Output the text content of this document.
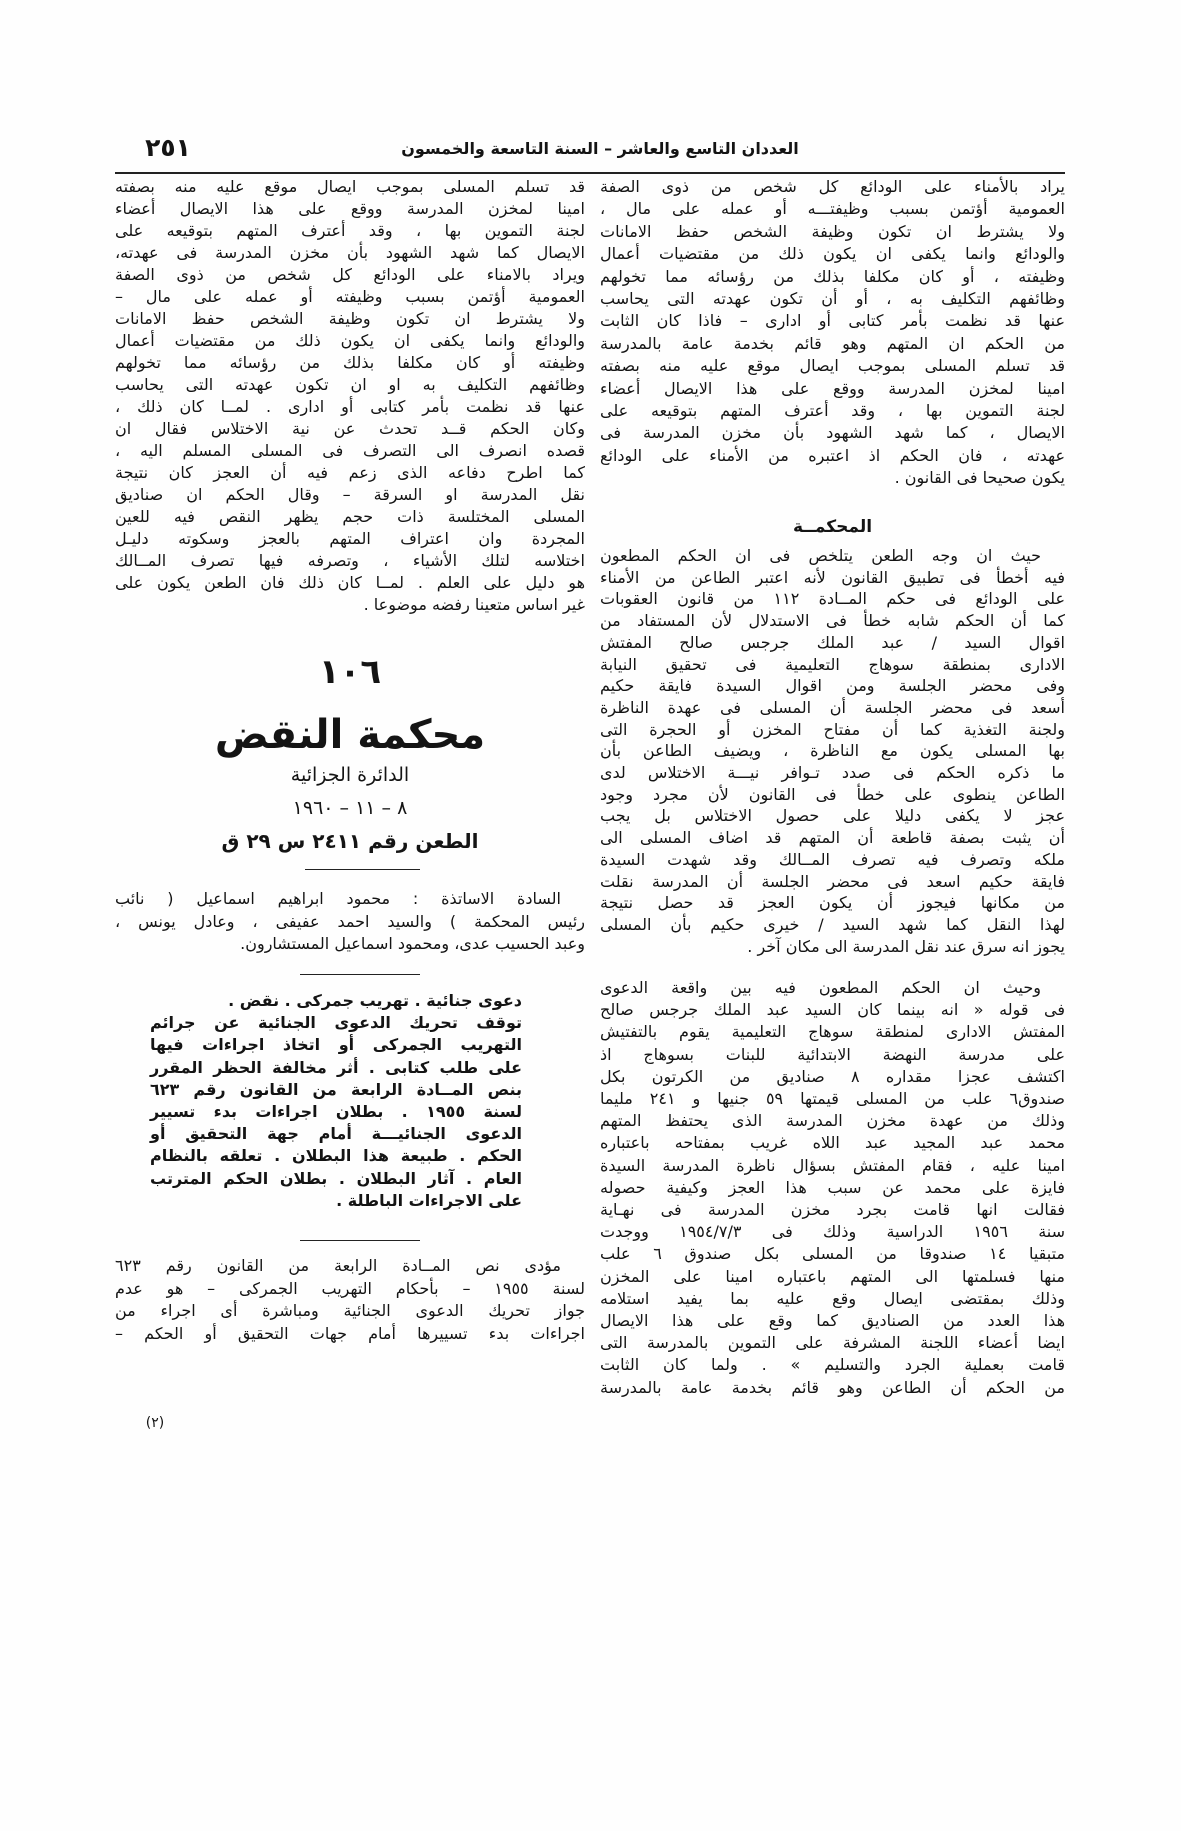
العددان التاسع والعاشر – السنة التاسعة والخمسون
٢٥١
يراد بالأمناء على الودائع كل شخص من ذوى الصفة
العمومية أؤتمن بسبب وظيفتـــه أو عمله على مال ،
ولا يشترط ان تكون وظيفة الشخص حفظ الامانات
والودائع وانما يكفى ان يكون ذلك من مقتضيات أعمال
وظيفته ، أو كان مكلفا بذلك من رؤسائه مما تخولهم
وظائفهم التكليف به ، أو أن تكون عهدته التى يحاسب
عنها قد نظمت بأمر كتابى أو ادارى – فاذا كان الثابت
من الحكم ان المتهم وهو قائم بخدمة عامة بالمدرسة
قد تسلم المسلى بموجب ايصال موقع عليه منه بصفته
امينا لمخزن المدرسة ووقع على هذا الايصال أعضاء
لجنة التموين بها ، وقد أعترف المتهم بتوقيعه على
الايصال ، كما شهد الشهود بأن مخزن المدرسة فى
عهدته ، فان الحكم اذ اعتبره من الأمناء على الودائع
يكون صحيحا فى القانون .
المحكمــة
حيث ان وجه الطعن يتلخص فى ان الحكم المطعون
فيه أخطأ فى تطبيق القانون لأنه اعتبر الطاعن من الأمناء
على الودائع فى حكم المــادة ١١٢ من قانون العقوبات
كما أن الحكم شابه خطأ فى الاستدلال لأن المستفاد من
اقوال السيد / عبد الملك جرجس صالح المفتش
الادارى بمنطقة سوهاج التعليمية فى تحقيق النيابة
وفى محضر الجلسة ومن اقوال السيدة فايقة حكيم
أسعد فى محضر الجلسة أن المسلى فى عهدة الناظرة
ولجنة التغذية كما أن مفتاح المخزن أو الحجرة التى
بها المسلى يكون مع الناظرة ، ويضيف الطاعن بأن
ما ذكره الحكم فى صدد تـوافر نيـــة الاختلاس لدى
الطاعن ينطوى على خطأ فى القانون لأن مجرد وجود
عجز لا يكفى دليلا على حصول الاختلاس بل يجب
أن يثبت بصفة قاطعة أن المتهم قد اضاف المسلى الى
ملكه وتصرف فيه تصرف المــالك وقد شهدت السيدة
فايقة حكيم اسعد فى محضر الجلسة أن المدرسة نقلت
من مكانها فيجوز أن يكون العجز قد حصل نتيجة
لهذا النقل كما شهد السيد / خيرى حكيم بأن المسلى
يجوز انه سرق عند نقل المدرسة الى مكان آخر .
وحيث ان الحكم المطعون فيه بين واقعة الدعوى
فى قوله « انه بينما كان السيد عبد الملك جرجس صالح
المفتش الادارى لمنطقة سوهاج التعليمية يقوم بالتفتيش
على مدرسة النهضة الابتدائية للبنات بسوهاج اذ
اكتشف عجزا مقداره ٨ صناديق من الكرتون بكل
صندوق٦ علب من المسلى قيمتها ٥٩ جنيها و ٢٤١ مليما
وذلك من عهدة مخزن المدرسة الذى يحتفظ المتهم
محمد عبد المجيد عبد اللاه غريب بمفتاحه باعتباره
امينا عليه ، فقام المفتش بسؤال ناظرة المدرسة السيدة
فايزة على محمد عن سبب هذا العجز وكيفية حصوله
فقالت انها قامت بجرد مخزن المدرسة فى نهـاية
سنة ١٩٥٦ الدراسية وذلك فى ١٩٥٤/٧/٣ ووجدت
متبقيا ١٤ صندوقا من المسلى بكل صندوق ٦ علب
منها فسلمتها الى المتهم باعتباره امينا على المخزن
وذلك بمقتضى ايصال وقع عليه بما يفيد استلامه
هذا العدد من الصناديق كما وقع على هذا الايصال
ايضا أعضاء اللجنة المشرفة على التموين بالمدرسة التى
قامت بعملية الجرد والتسليم » . ولما كان الثابت
من الحكم أن الطاعن وهو قائم بخدمة عامة بالمدرسة
قد تسلم المسلى بموجب ايصال موقع عليه منه بصفته
امينا لمخزن المدرسة ووقع على هذا الايصال أعضاء
لجنة التموين بها ، وقد أعترف المتهم بتوقيعه على
الايصال كما شهد الشهود بأن مخزن المدرسة فى عهدته،
ويراد بالامناء على الودائع كل شخص من ذوى الصفة
العمومية أؤتمن بسبب وظيفته أو عمله على مال –
ولا يشترط ان تكون وظيفة الشخص حفظ الامانات
والودائع وانما يكفى ان يكون ذلك من مقتضيات أعمال
وظيفته أو كان مكلفا بذلك من رؤسائه مما تخولهم
وظائفهم التكليف به او ان تكون عهدته التى يحاسب
عنها قد نظمت بأمر كتابى أو ادارى . لمــا كان ذلك ،
وكان الحكم قــد تحدث عن نية الاختلاس فقال ان
قصده انصرف الى التصرف فى المسلى المسلم اليه ،
كما اطرح دفاعه الذى زعم فيه أن العجز كان نتيجة
نقل المدرسة او السرقة – وقال الحكم ان صناديق
المسلى المختلسة ذات حجم يظهر النقص فيه للعين
المجردة وان اعتراف المتهم بالعجز وسكوته دليـل
اختلاسه لتلك الأشياء ، وتصرفه فيها تصرف المــالك
هو دليل على العلم . لمــا كان ذلك فان الطعن يكون على
غير اساس متعينا رفضه موضوعا .
١٠٦
محكمة النقض
الدائرة الجزائية
٨ – ١١ – ١٩٦٠
الطعن رقم ٢٤١١ س ٢٩ ق
السادة الاساتذة : محمود ابراهيم اسماعيل ( نائب
رئيس المحكمة ) والسيد احمد عفيفى ، وعادل يونس ،
وعبد الحسيب عدى، ومحمود اسماعيل المستشارون.
دعوى جنائية . تهريب جمركى . نقض .
توقف تحريك الدعوى الجنائية عن جرائم
التهريب الجمركى أو اتخاذ اجراءات فيها
على طلب كتابى . أثر مخالفة الحظر المقرر
بنص المــادة الرابعة من القانون رقم ٦٢٣
لسنة ١٩٥٥ . بطلان اجراءات بدء تسيير
الدعوى الجنائيـــة أمام جهة التحقيق أو
الحكم . طبيعة هذا البطلان . تعلقه بالنظام
العام . آثار البطلان . بطلان الحكم المترتب
على الاجراءات الباطلة .
مؤدى نص المــادة الرابعة من القانون رقم ٦٢٣
لسنة ١٩٥٥ – بأحكام التهريب الجمركى – هو عدم
جواز تحريك الدعوى الجنائية ومباشرة أى اجراء من
اجراءات بدء تسييرها أمام جهات التحقيق أو الحكم –
(٢)
